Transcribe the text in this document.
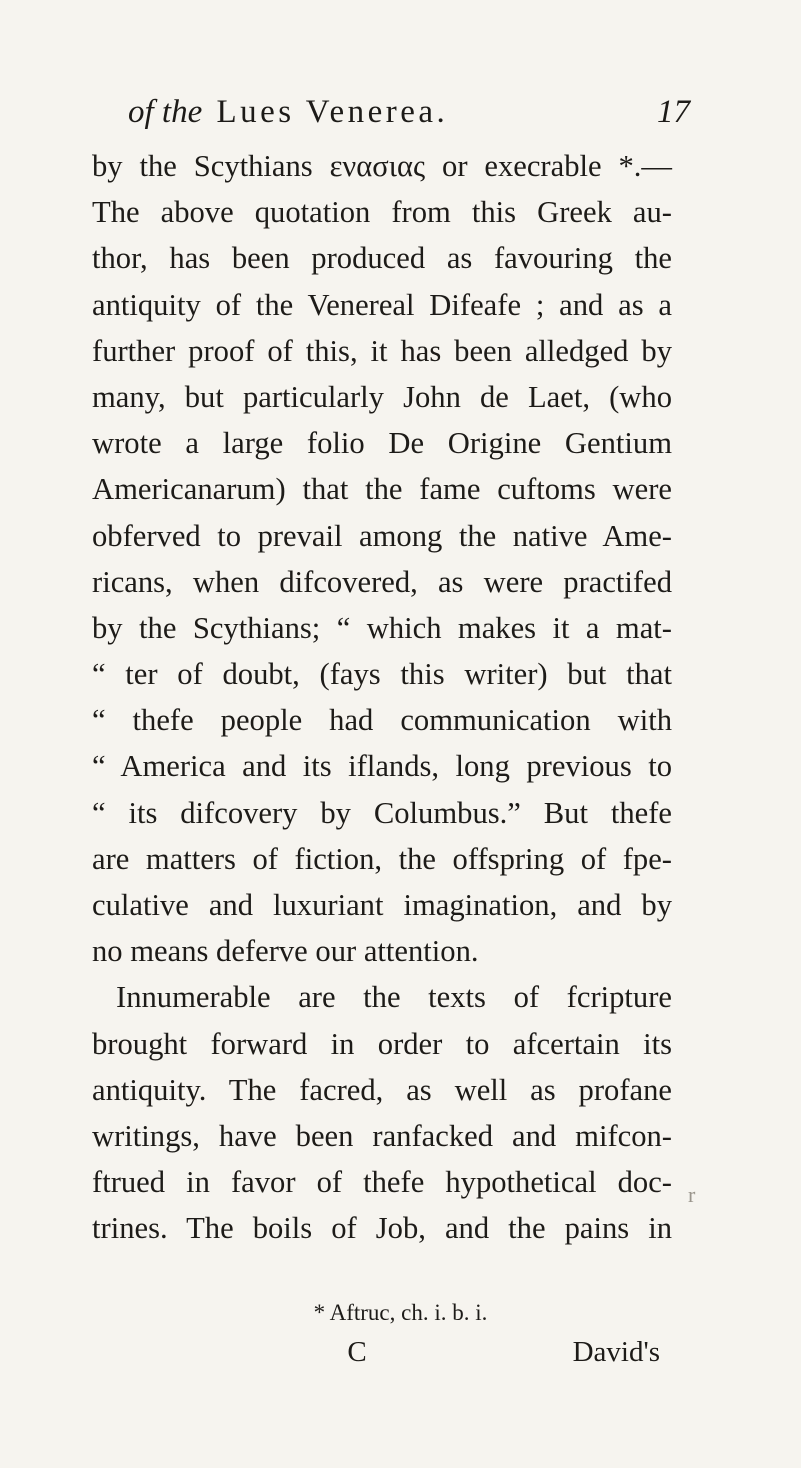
of the Lues Venerea.	17
by the Scythians ενασιας or execrable *.—
The above quotation from this Greek au-
thor, has been produced as favouring the
antiquity of the Venereal Difeafe ; and as a
further proof of this, it has been alledged by
many, but particularly John de Laet, (who
wrote a large folio De Origine Gentium
Americanarum) that the fame cuftoms were
obferved to prevail among the native Ame-
ricans, when difcovered, as were practifed
by the Scythians; “ which makes it a mat-
“ ter of doubt, (fays this writer) but that
“ thefe people had communication with
“ America and its iflands, long previous to
“ its difcovery by Columbus.” But thefe
are matters of fiction, the offspring of fpe-
culative and luxuriant imagination, and by
no means deferve our attention.
Innumerable are the texts of fcripture
brought forward in order to afcertain its
antiquity. The facred, as well as profane
writings, have been ranfacked and mifcon-
ftrued in favor of thefe hypothetical doc-
trines. The boils of Job, and the pains in
r
* Aftruc, ch. i. b. i.
C	David's
